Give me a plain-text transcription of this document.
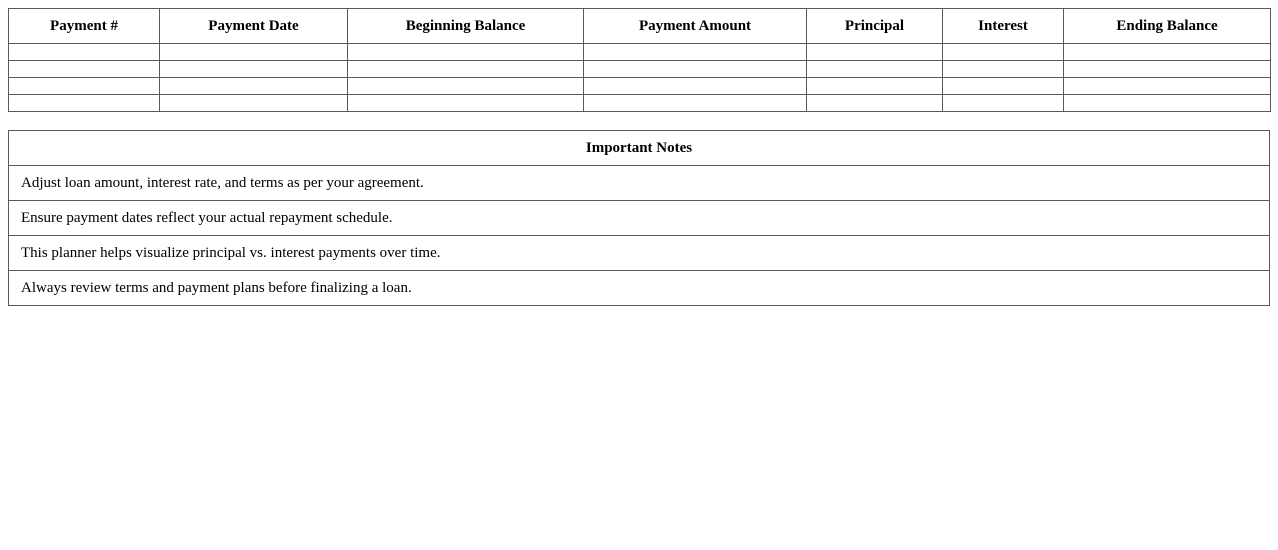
Payment #	Payment Date	Beginning Balance	Payment Amount	Principal	Interest	Ending Balance

Important Notes
Adjust loan amount, interest rate, and terms as per your agreement.
Ensure payment dates reflect your actual repayment schedule.
This planner helps visualize principal vs. interest payments over time.
Always review terms and payment plans before finalizing a loan.
